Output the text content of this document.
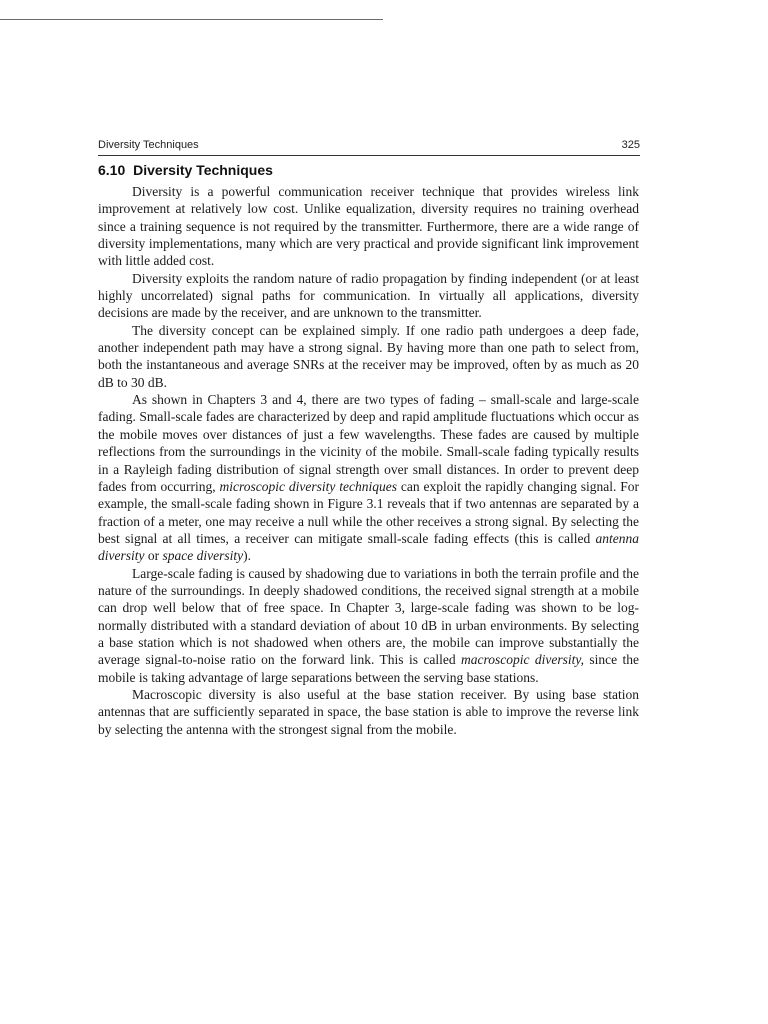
Diversity Techniques	325
6.10 Diversity Techniques

Diversity is a powerful communication receiver technique that provides wireless link improvement at relatively low cost. Unlike equalization, diversity requires no training overhead since a training sequence is not required by the transmitter. Furthermore, there are a wide range of diversity implementations, many which are very practical and provide significant link improvement with little added cost.

Diversity exploits the random nature of radio propagation by finding independent (or at least highly uncorrelated) signal paths for communication. In virtually all applications, diversity decisions are made by the receiver, and are unknown to the transmitter.

The diversity concept can be explained simply. If one radio path undergoes a deep fade, another independent path may have a strong signal. By having more than one path to select from, both the instantaneous and average SNRs at the receiver may be improved, often by as much as 20 dB to 30 dB.

As shown in Chapters 3 and 4, there are two types of fading – small-scale and large-scale fading. Small-scale fades are characterized by deep and rapid amplitude fluctuations which occur as the mobile moves over distances of just a few wavelengths. These fades are caused by multiple reflections from the surroundings in the vicinity of the mobile. Small-scale fading typically results in a Rayleigh fading distribution of signal strength over small distances. In order to prevent deep fades from occurring, microscopic diversity techniques can exploit the rapidly changing signal. For example, the small-scale fading shown in Figure 3.1 reveals that if two antennas are separated by a fraction of a meter, one may receive a null while the other receives a strong signal. By selecting the best signal at all times, a receiver can mitigate small-scale fading effects (this is called antenna diversity or space diversity).

Large-scale fading is caused by shadowing due to variations in both the terrain profile and the nature of the surroundings. In deeply shadowed conditions, the received signal strength at a mobile can drop well below that of free space. In Chapter 3, large-scale fading was shown to be log-normally distributed with a standard deviation of about 10 dB in urban environments. By selecting a base station which is not shadowed when others are, the mobile can improve substantially the average signal-to-noise ratio on the forward link. This is called macroscopic diversity, since the mobile is taking advantage of large separations between the serving base stations.

Macroscopic diversity is also useful at the base station receiver. By using base station antennas that are sufficiently separated in space, the base station is able to improve the reverse link by selecting the antenna with the strongest signal from the mobile.
